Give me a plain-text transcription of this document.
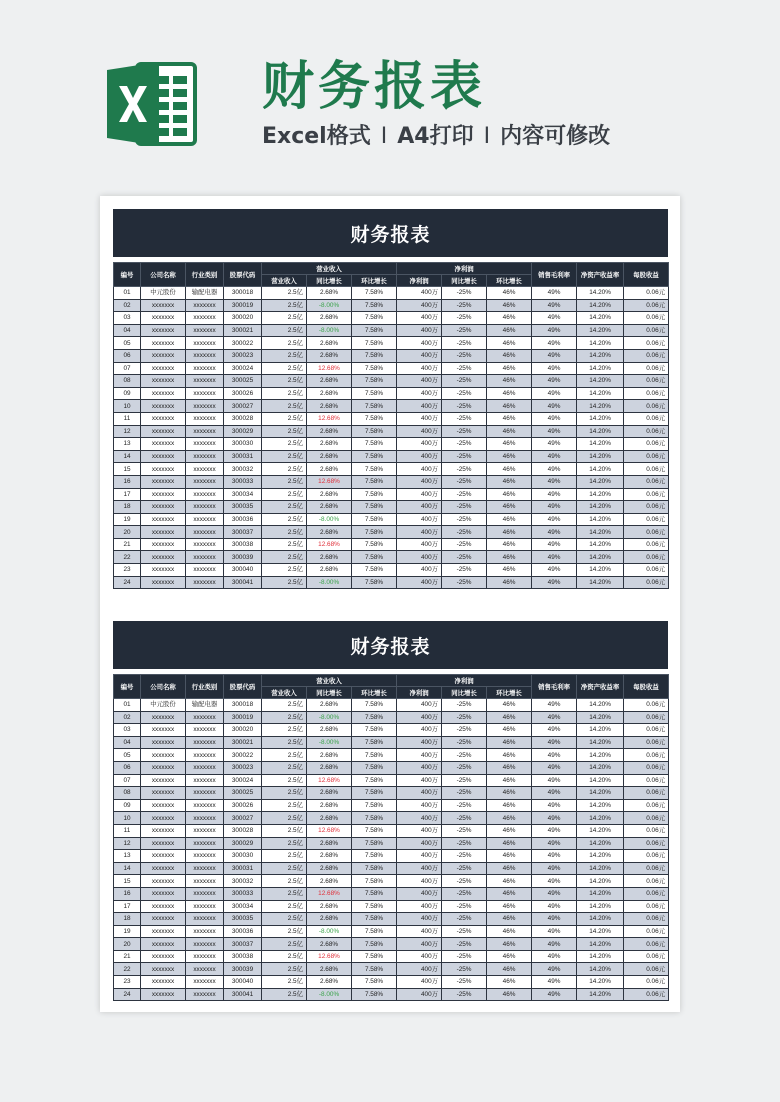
财务报表
Excel格式 I A4打印 I 内容可修改
财务报表
编号	公司名称	行业类别	股票代码	营业收入			净利润			销售毛利率	净资产收益率	每股收益
				营业收入	同比增长	环比增长	净利润	同比增长	环比增长			
01	中元股份	输配电器	300018	2.5亿	2.68%	7.58%	400万	-25%	46%	49%	14.20%	0.06元
02	xxxxxxx	xxxxxxx	300019	2.5亿	-8.00%	7.58%	400万	-25%	46%	49%	14.20%	0.06元
03	xxxxxxx	xxxxxxx	300020	2.5亿	2.68%	7.58%	400万	-25%	46%	49%	14.20%	0.06元
04	xxxxxxx	xxxxxxx	300021	2.5亿	-8.00%	7.58%	400万	-25%	46%	49%	14.20%	0.06元
05	xxxxxxx	xxxxxxx	300022	2.5亿	2.68%	7.58%	400万	-25%	46%	49%	14.20%	0.06元
06	xxxxxxx	xxxxxxx	300023	2.5亿	2.68%	7.58%	400万	-25%	46%	49%	14.20%	0.06元
07	xxxxxxx	xxxxxxx	300024	2.5亿	12.68%	7.58%	400万	-25%	46%	49%	14.20%	0.06元
08	xxxxxxx	xxxxxxx	300025	2.5亿	2.68%	7.58%	400万	-25%	46%	49%	14.20%	0.06元
09	xxxxxxx	xxxxxxx	300026	2.5亿	2.68%	7.58%	400万	-25%	46%	49%	14.20%	0.06元
10	xxxxxxx	xxxxxxx	300027	2.5亿	2.68%	7.58%	400万	-25%	46%	49%	14.20%	0.06元
11	xxxxxxx	xxxxxxx	300028	2.5亿	12.68%	7.58%	400万	-25%	46%	49%	14.20%	0.06元
12	xxxxxxx	xxxxxxx	300029	2.5亿	2.68%	7.58%	400万	-25%	46%	49%	14.20%	0.06元
13	xxxxxxx	xxxxxxx	300030	2.5亿	2.68%	7.58%	400万	-25%	46%	49%	14.20%	0.06元
14	xxxxxxx	xxxxxxx	300031	2.5亿	2.68%	7.58%	400万	-25%	46%	49%	14.20%	0.06元
15	xxxxxxx	xxxxxxx	300032	2.5亿	2.68%	7.58%	400万	-25%	46%	49%	14.20%	0.06元
16	xxxxxxx	xxxxxxx	300033	2.5亿	12.68%	7.58%	400万	-25%	46%	49%	14.20%	0.06元
17	xxxxxxx	xxxxxxx	300034	2.5亿	2.68%	7.58%	400万	-25%	46%	49%	14.20%	0.06元
18	xxxxxxx	xxxxxxx	300035	2.5亿	2.68%	7.58%	400万	-25%	46%	49%	14.20%	0.06元
19	xxxxxxx	xxxxxxx	300036	2.5亿	-8.00%	7.58%	400万	-25%	46%	49%	14.20%	0.06元
20	xxxxxxx	xxxxxxx	300037	2.5亿	2.68%	7.58%	400万	-25%	46%	49%	14.20%	0.06元
21	xxxxxxx	xxxxxxx	300038	2.5亿	12.68%	7.58%	400万	-25%	46%	49%	14.20%	0.06元
22	xxxxxxx	xxxxxxx	300039	2.5亿	2.68%	7.58%	400万	-25%	46%	49%	14.20%	0.06元
23	xxxxxxx	xxxxxxx	300040	2.5亿	2.68%	7.58%	400万	-25%	46%	49%	14.20%	0.06元
24	xxxxxxx	xxxxxxx	300041	2.5亿	-8.00%	7.58%	400万	-25%	46%	49%	14.20%	0.06元
财务报表
编号	公司名称	行业类别	股票代码	营业收入			净利润			销售毛利率	净资产收益率	每股收益
				营业收入	同比增长	环比增长	净利润	同比增长	环比增长			
01	中元股份	输配电器	300018	2.5亿	2.68%	7.58%	400万	-25%	46%	49%	14.20%	0.06元
02	xxxxxxx	xxxxxxx	300019	2.5亿	-8.00%	7.58%	400万	-25%	46%	49%	14.20%	0.06元
03	xxxxxxx	xxxxxxx	300020	2.5亿	2.68%	7.58%	400万	-25%	46%	49%	14.20%	0.06元
04	xxxxxxx	xxxxxxx	300021	2.5亿	-8.00%	7.58%	400万	-25%	46%	49%	14.20%	0.06元
05	xxxxxxx	xxxxxxx	300022	2.5亿	2.68%	7.58%	400万	-25%	46%	49%	14.20%	0.06元
06	xxxxxxx	xxxxxxx	300023	2.5亿	2.68%	7.58%	400万	-25%	46%	49%	14.20%	0.06元
07	xxxxxxx	xxxxxxx	300024	2.5亿	12.68%	7.58%	400万	-25%	46%	49%	14.20%	0.06元
08	xxxxxxx	xxxxxxx	300025	2.5亿	2.68%	7.58%	400万	-25%	46%	49%	14.20%	0.06元
09	xxxxxxx	xxxxxxx	300026	2.5亿	2.68%	7.58%	400万	-25%	46%	49%	14.20%	0.06元
10	xxxxxxx	xxxxxxx	300027	2.5亿	2.68%	7.58%	400万	-25%	46%	49%	14.20%	0.06元
11	xxxxxxx	xxxxxxx	300028	2.5亿	12.68%	7.58%	400万	-25%	46%	49%	14.20%	0.06元
12	xxxxxxx	xxxxxxx	300029	2.5亿	2.68%	7.58%	400万	-25%	46%	49%	14.20%	0.06元
13	xxxxxxx	xxxxxxx	300030	2.5亿	2.68%	7.58%	400万	-25%	46%	49%	14.20%	0.06元
14	xxxxxxx	xxxxxxx	300031	2.5亿	2.68%	7.58%	400万	-25%	46%	49%	14.20%	0.06元
15	xxxxxxx	xxxxxxx	300032	2.5亿	2.68%	7.58%	400万	-25%	46%	49%	14.20%	0.06元
16	xxxxxxx	xxxxxxx	300033	2.5亿	12.68%	7.58%	400万	-25%	46%	49%	14.20%	0.06元
17	xxxxxxx	xxxxxxx	300034	2.5亿	2.68%	7.58%	400万	-25%	46%	49%	14.20%	0.06元
18	xxxxxxx	xxxxxxx	300035	2.5亿	2.68%	7.58%	400万	-25%	46%	49%	14.20%	0.06元
19	xxxxxxx	xxxxxxx	300036	2.5亿	-8.00%	7.58%	400万	-25%	46%	49%	14.20%	0.06元
20	xxxxxxx	xxxxxxx	300037	2.5亿	2.68%	7.58%	400万	-25%	46%	49%	14.20%	0.06元
21	xxxxxxx	xxxxxxx	300038	2.5亿	12.68%	7.58%	400万	-25%	46%	49%	14.20%	0.06元
22	xxxxxxx	xxxxxxx	300039	2.5亿	2.68%	7.58%	400万	-25%	46%	49%	14.20%	0.06元
23	xxxxxxx	xxxxxxx	300040	2.5亿	2.68%	7.58%	400万	-25%	46%	49%	14.20%	0.06元
24	xxxxxxx	xxxxxxx	300041	2.5亿	-8.00%	7.58%	400万	-25%	46%	49%	14.20%	0.06元
